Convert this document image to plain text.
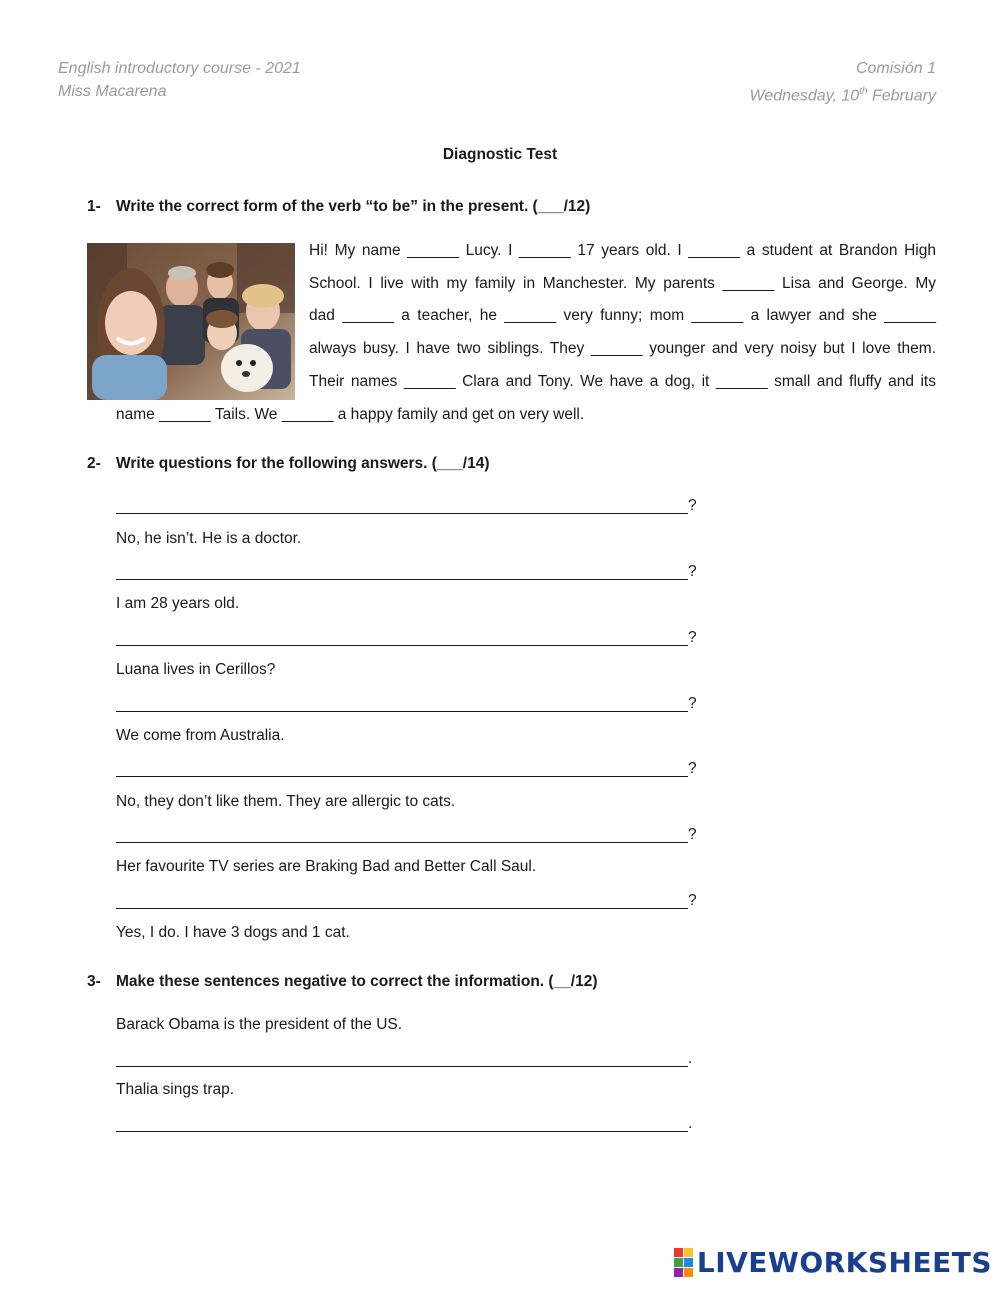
English introductory course - 2021
Miss Macarena
Comisión 1
Wednesday, 10th February
Diagnostic Test
1- Write the correct form of the verb “to be” in the present. (___/12)
Hi! My name ______ Lucy. I ______ 17 years old. I ______ a student at Brandon High
School. I live with my family in Manchester. My parents ______ Lisa and George. My
dad ______ a teacher, he ______ very funny; mom ______ a lawyer and she ______
always busy. I have two siblings. They ______ younger and very noisy but I love them.
Their names ______ Clara and Tony. We have a dog, it ______ small and fluffy and its
name ______ Tails. We ______ a happy family and get on very well.
2- Write questions for the following answers. (___/14)
?
No, he isn’t. He is a doctor.
?
I am 28 years old.
?
Luana lives in Cerillos?
?
We come from Australia.
?
No, they don’t like them. They are allergic to cats.
?
Her favourite TV series are Braking Bad and Better Call Saul.
?
Yes, I do. I have 3 dogs and 1 cat.
3- Make these sentences negative to correct the information. (__/12)
Barack Obama is the president of the US.
.
Thalia sings trap.
.
LIVEWORKSHEETS
